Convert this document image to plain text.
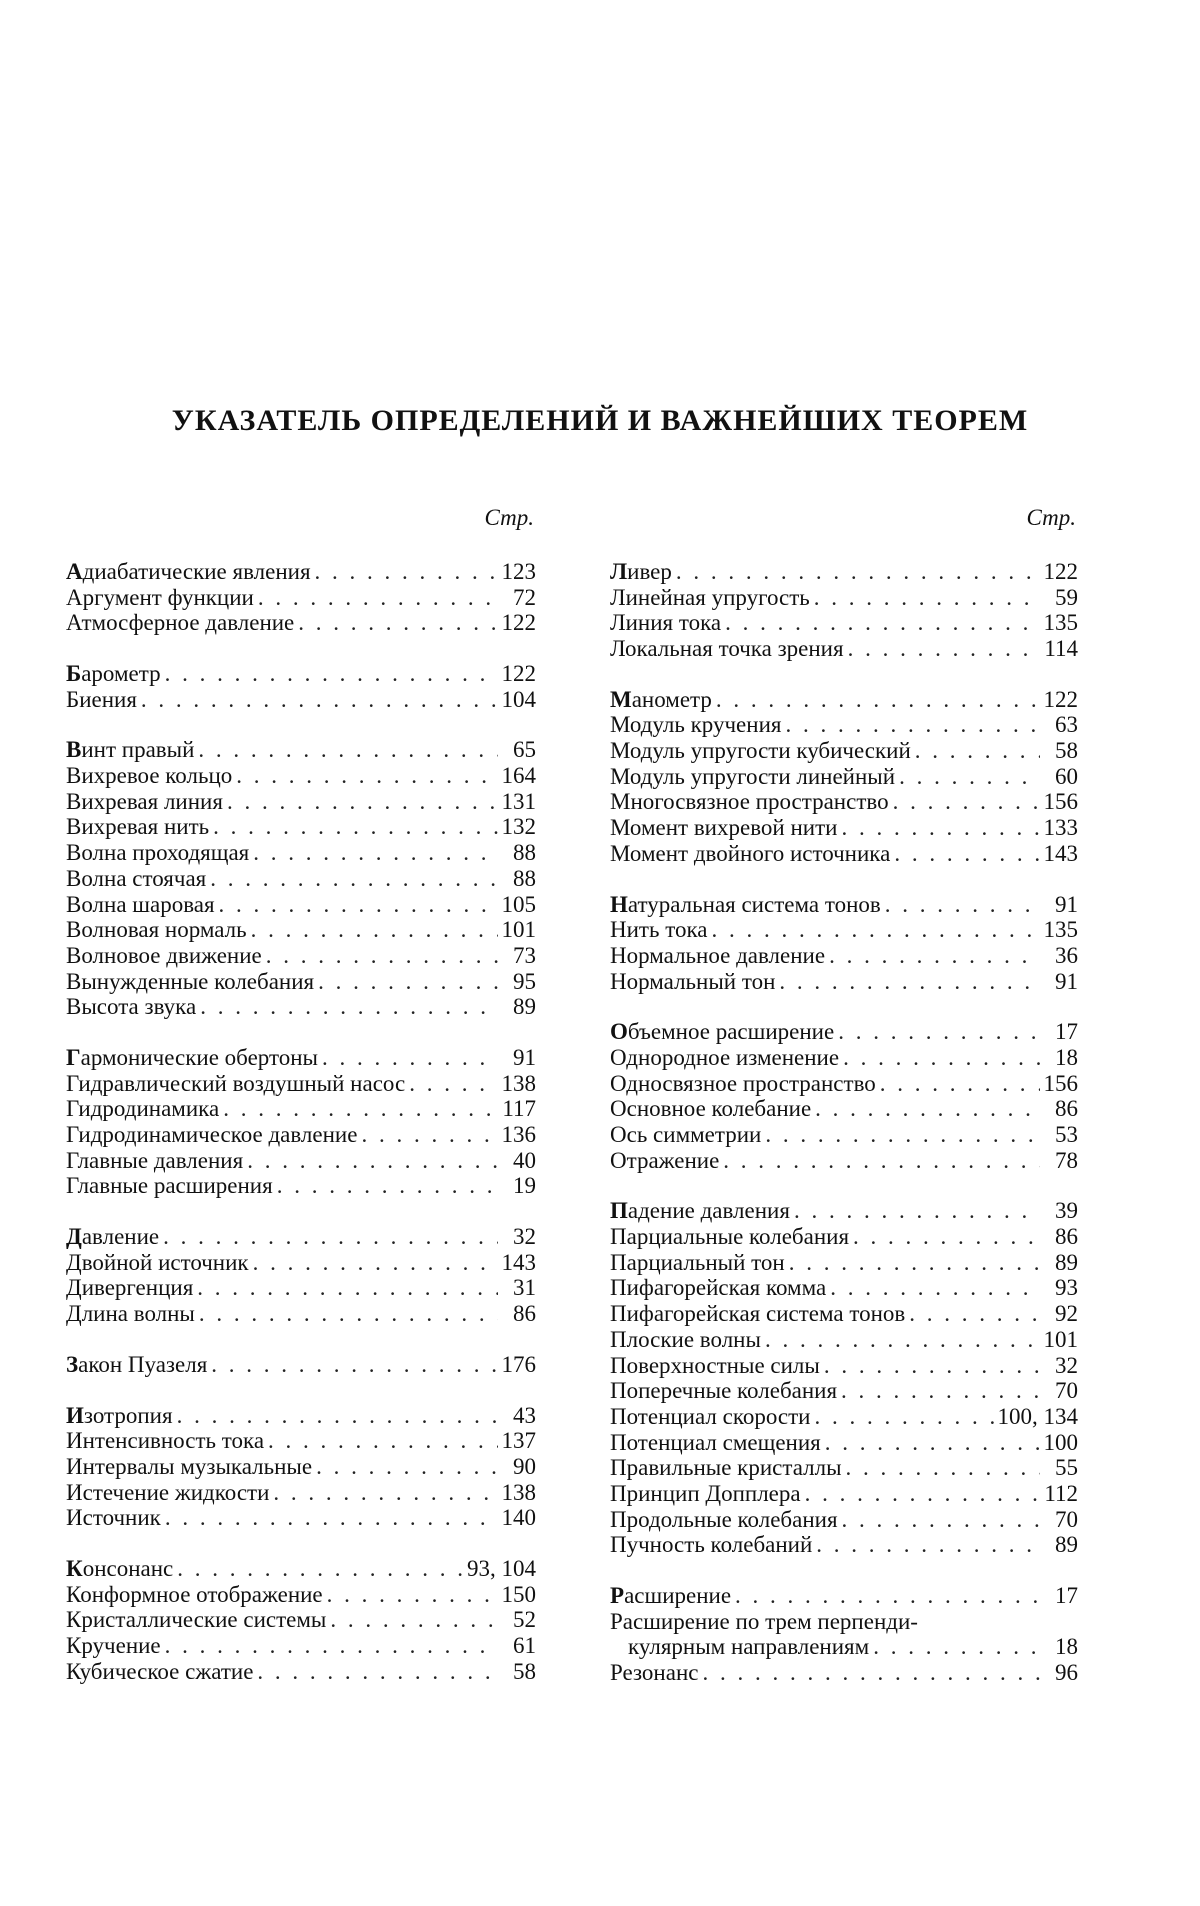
УКАЗАТЕЛЬ ОПРЕДЕЛЕНИЙ И ВАЖНЕЙШИХ ТЕОРЕМ
Стр.
Адиабатические явления . . .	123
Аргумент функции . . .	72
Атмосферное давление . . .	122
Барометр . . .	122
Биения . . .	104
Винт правый . . .	65
Вихревое кольцо . . .	164
Вихревая линия . . .	131
Вихревая нить . . .	132
Волна проходящая . . .	88
Волна стоячая . . .	88
Волна шаровая . . .	105
Волновая нормаль . . .	101
Волновое движение . . .	73
Вынужденные колебания . . .	95
Высота звука . . .	89
Гармонические обертоны . . .	91
Гидравлический воздушный насос . . .	138
Гидродинамика . . .	117
Гидродинамическое давление . . .	136
Главные давления . . .	40
Главные расширения . . .	19
Давление . . .	32
Двойной источник . . .	143
Дивергенция . . .	31
Длина волны . . .	86
Закон Пуазеля . . .	176
Изотропия . . .	43
Интенсивность тока . . .	137
Интервалы музыкальные . . .	90
Истечение жидкости . . .	138
Источник . . .	140
Консонанс . . .	93, 104
Конформное отображение . . .	150
Кристаллические системы . . .	52
Кручение . . .	61
Кубическое сжатие . . .	58
Стр.
Ливер . . .	122
Линейная упругость . . .	59
Линия тока . . .	135
Локальная точка зрения . . .	114
Манометр . . .	122
Модуль кручения . . .	63
Модуль упругости кубический . . .	58
Модуль упругости линейный . . .	60
Многосвязное пространство . . .	156
Момент вихревой нити . . .	133
Момент двойного источника . . .	143
Натуральная система тонов . . .	91
Нить тока . . .	135
Нормальное давление . . .	36
Нормальный тон . . .	91
Объемное расширение . . .	17
Однородное изменение . . .	18
Односвязное пространство . . .	156
Основное колебание . . .	86
Ось симметрии . . .	53
Отражение . . .	78
Падение давления . . .	39
Парциальные колебания . . .	86
Парциальный тон . . .	89
Пифагорейская комма . . .	93
Пифагорейская система тонов . . .	92
Плоские волны . . .	101
Поверхностные силы . . .	32
Поперечные колебания . . .	70
Потенциал скорости . . .	100, 134
Потенциал смещения . . .	100
Правильные кристаллы . . .	55
Принцип Допплера . . .	112
Продольные колебания . . .	70
Пучность колебаний . . .	89
Расширение . . .	17
Расширение по трем перпенди-
кулярным направлениям . . .	18
Резонанс . . .	96
